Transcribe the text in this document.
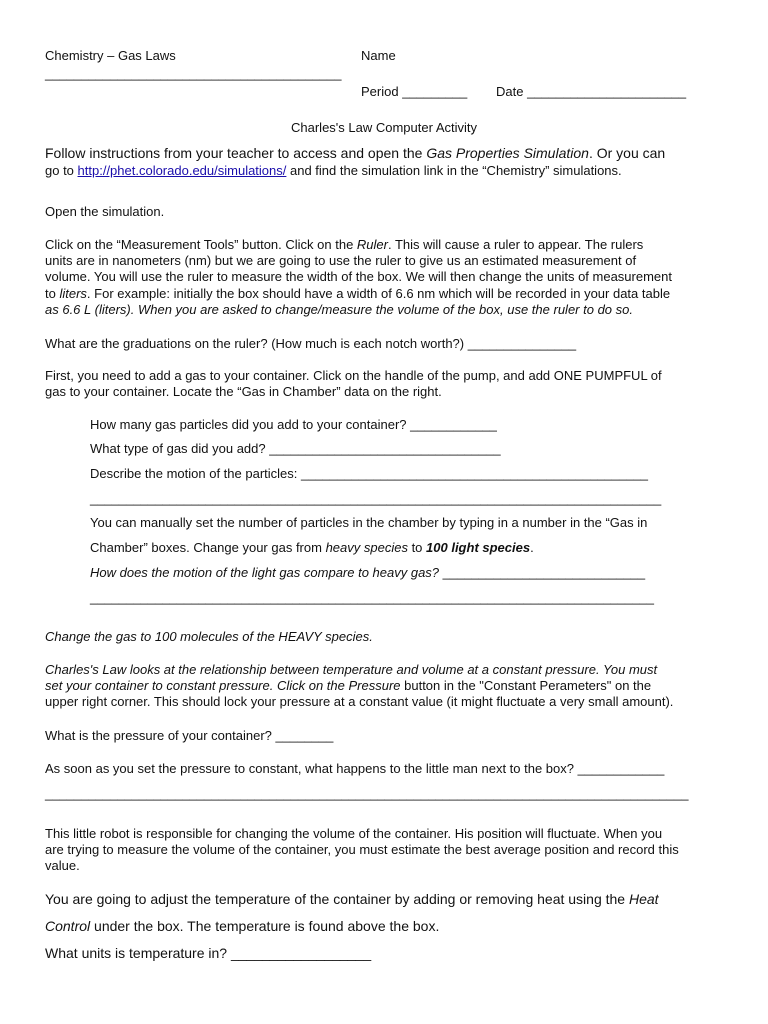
Chemistry – Gas Laws	Name
_________________________________________
Period _________ Date ______________________
Charles's Law Computer Activity
Follow instructions from your teacher to access and open the Gas Properties Simulation. Or you can
go to http://phet.colorado.edu/simulations/ and find the simulation link in the “Chemistry” simulations.
Open the simulation.
Click on the “Measurement Tools” button. Click on the Ruler. This will cause a ruler to appear. The rulers
units are in nanometers (nm) but we are going to use the ruler to give us an estimated measurement of
volume. You will use the ruler to measure the width of the box. We will then change the units of measurement
to liters. For example: initially the box should have a width of 6.6 nm which will be recorded in your data table
as 6.6 L (liters). When you are asked to change/measure the volume of the box, use the ruler to do so.
What are the graduations on the ruler? (How much is each notch worth?) _______________
First, you need to add a gas to your container. Click on the handle of the pump, and add ONE PUMPFUL of
gas to your container. Locate the “Gas in Chamber” data on the right.
How many gas particles did you add to your container? ____________
What type of gas did you add? ________________________________
Describe the motion of the particles: ________________________________________________
_______________________________________________________________________________
You can manually set the number of particles in the chamber by typing in a number in the “Gas in
Chamber” boxes. Change your gas from heavy species to 100 light species.
How does the motion of the light gas compare to heavy gas? ____________________________
______________________________________________________________________________
Change the gas to 100 molecules of the HEAVY species.
Charles's Law looks at the relationship between temperature and volume at a constant pressure. You must
set your container to constant pressure. Click on the Pressure button in the "Constant Perameters" on the
upper right corner. This should lock your pressure at a constant value (it might fluctuate a very small amount).
What is the pressure of your container? ________
As soon as you set the pressure to constant, what happens to the little man next to the box? ____________
_________________________________________________________________________________________
This little robot is responsible for changing the volume of the container. His position will fluctuate. When you
are trying to measure the volume of the container, you must estimate the best average position and record this
value.
You are going to adjust the temperature of the container by adding or removing heat using the Heat
Control under the box. The temperature is found above the box.
What units is temperature in? __________________
